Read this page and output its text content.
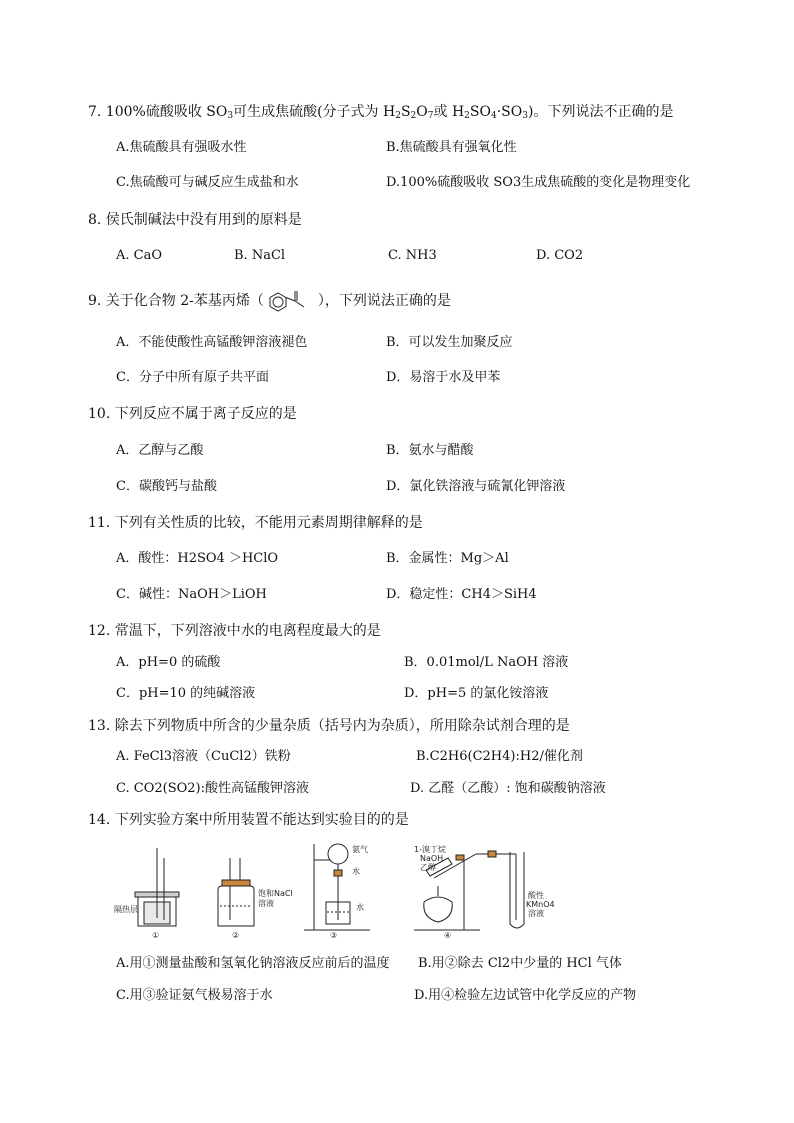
7. 100%硫酸吸收 $SO_3$可生成焦硫酸(分子式为 $H_2S_2O_7$或 $H_2SO_4\cdot SO_3$)。下列说法不正确的是
A.焦硫酸具有强吸水性	B.焦硫酸具有强氧化性
C.焦硫酸可与碱反应生成盐和水	D.100%硫酸吸收 SO3生成焦硫酸的变化是物理变化
8. 侯氏制碱法中没有用到的原料是
A. CaO	B. NaCl	C. NH3	D. CO2
9. 关于化合物 2-苯基丙烯（	），下列说法正确的是
A．不能使酸性高锰酸钾溶液褪色	B．可以发生加聚反应
C．分子中所有原子共平面	D．易溶于水及甲苯
10. 下列反应不属于离子反应的是
A．乙醇与乙酸	B．氨水与醋酸
C．碳酸钙与盐酸	D．氯化铁溶液与硫氰化钾溶液
11. 下列有关性质的比较，不能用元素周期律解释的是
A．酸性：H2SO4 ＞HClO	B．金属性：Mg＞Al
C．碱性：NaOH＞LiOH	D．稳定性：CH4＞SiH4
12. 常温下，下列溶液中水的电离程度最大的是
A．pH=0 的硫酸	B．0.01mol/L NaOH 溶液
C．pH=10 的纯碱溶液	D．pH=5 的氯化铵溶液
13. 除去下列物质中所含的少量杂质（括号内为杂质），所用除杂试剂合理的是
A. FeCl3溶液（CuCl2）铁粉	B.C2H6(C2H4):H2/催化剂
C. CO2(SO2):酸性高锰酸钾溶液	D. 乙醛（乙酸）: 饱和碳酸钠溶液
14. 下列实验方案中所用装置不能达到实验目的的是
隔热层
①
饱和NaCl
溶液
②
氨气
水
水
③
1-溴丁烷
NaOH
乙醇
酸性
KMnO4
溶液
④
A.用①测量盐酸和氢氧化钠溶液反应前后的温度 B.用②除去 Cl2中少量的 HCl 气体
C.用③验证氨气极易溶于水	D.用④检验左边试管中化学反应的产物
